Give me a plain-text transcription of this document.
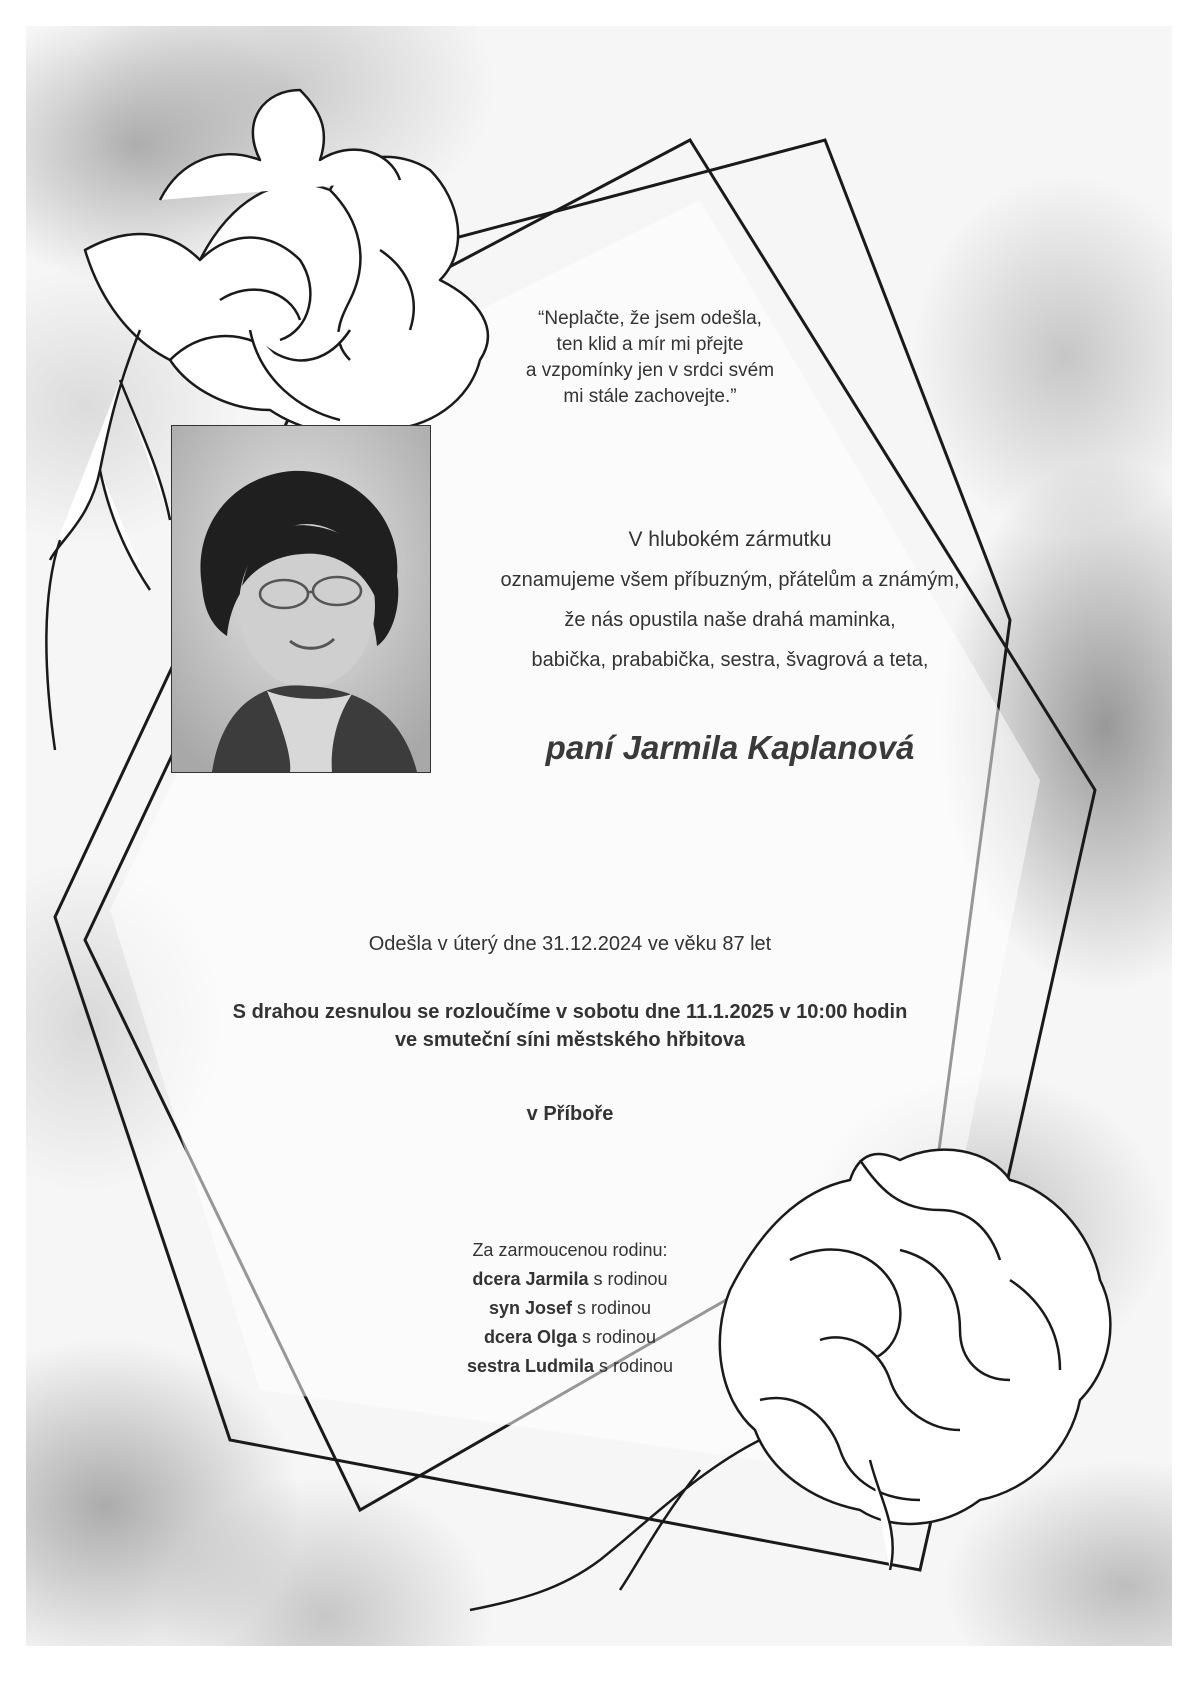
“Neplačte, že jsem odešla,
ten klid a mír mi přejte
a vzpomínky jen v srdci svém
mi stále zachovejte.”
V hlubokém zármutku
oznamujeme všem příbuzným, přátelům a známým,
že nás opustila naše drahá maminka,
babička, prababička, sestra, švagrová a teta,
paní Jarmila Kaplanová
Odešla v úterý dne 31.12.2024 ve věku 87 let
S drahou zesnulou se rozloučíme v sobotu dne 11.1.2025 v 10:00 hodin
ve smuteční síni městského hřbitova
v Příboře
Za zarmoucenou rodinu:
dcera Jarmila s rodinou
syn Josef s rodinou
dcera Olga s rodinou
sestra Ludmila s rodinou
